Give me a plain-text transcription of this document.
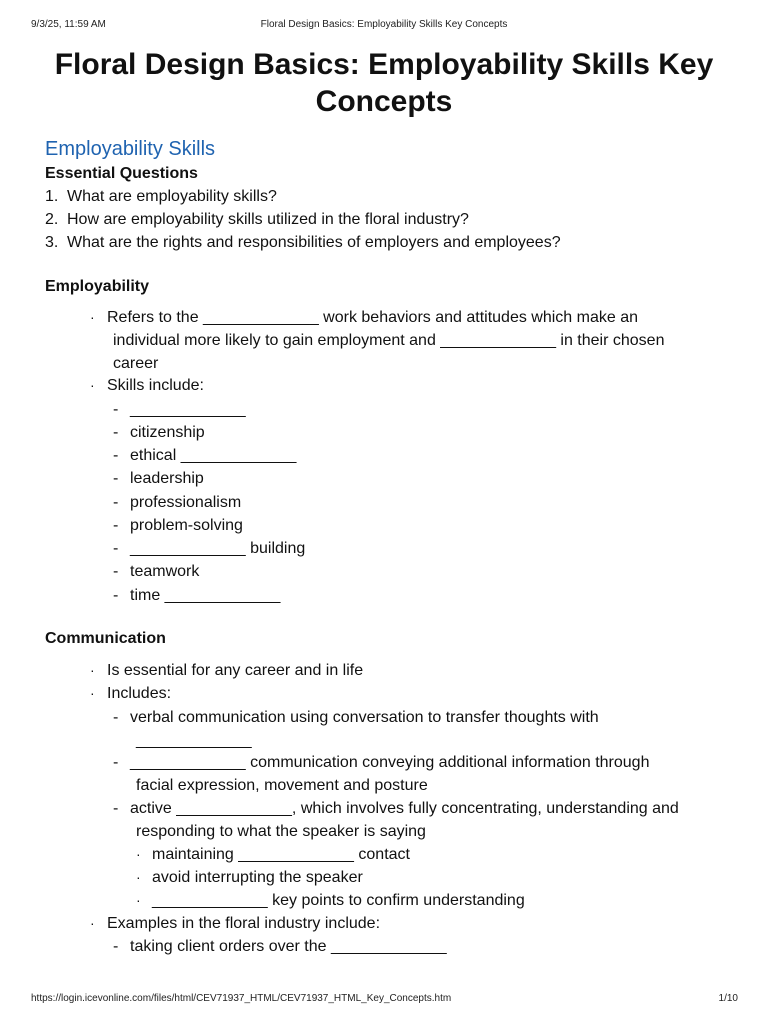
9/3/25, 11:59 AM	Floral Design Basics: Employability Skills Key Concepts
Floral Design Basics: Employability Skills Key
Concepts
Employability Skills
Essential Questions
1. What are employability skills?
2. How are employability skills utilized in the floral industry?
3. What are the rights and responsibilities of employers and employees?
Employability
· Refers to the _____________ work behaviors and attitudes which make an
individual more likely to gain employment and _____________ in their chosen
career
· Skills include:
- _____________
- citizenship
- ethical _____________
- leadership
- professionalism
- problem-solving
- _____________ building
- teamwork
- time _____________
Communication
· Is essential for any career and in life
· Includes:
- verbal communication using conversation to transfer thoughts with
_____________
- _____________ communication conveying additional information through
facial expression, movement and posture
- active _____________, which involves fully concentrating, understanding and
responding to what the speaker is saying
· maintaining _____________ contact
· avoid interrupting the speaker
· _____________ key points to confirm understanding
· Examples in the floral industry include:
- taking client orders over the _____________
https://login.icevonline.com/files/html/CEV71937_HTML/CEV71937_HTML_Key_Concepts.htm	1/10
